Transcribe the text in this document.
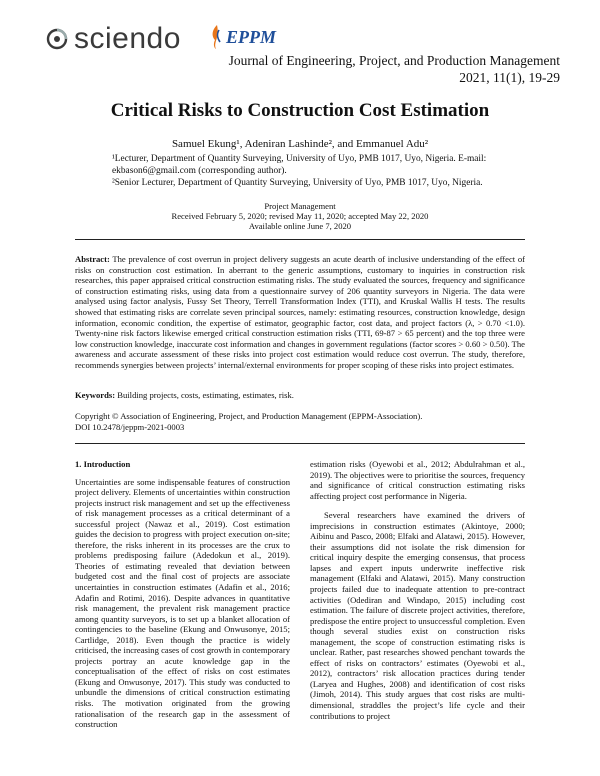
sciendo	EPPM
Journal of Engineering, Project, and Production Management
2021, 11(1), 19-29
Critical Risks to Construction Cost Estimation
Samuel Ekung¹, Adeniran Lashinde², and Emmanuel Adu²
¹Lecturer, Department of Quantity Surveying, University of Uyo, PMB 1017, Uyo, Nigeria. E-mail: ekbason6@gmail.com (corresponding author).
²Senior Lecturer, Department of Quantity Surveying, University of Uyo, PMB 1017, Uyo, Nigeria.
Project Management
Received February 5, 2020; revised May 11, 2020; accepted May 22, 2020
Available online June 7, 2020
Abstract: The prevalence of cost overrun in project delivery suggests an acute dearth of inclusive understanding of the effect of risks on construction cost estimation. In aberrant to the generic assumptions, customary to inquiries in construction risk researches, this paper appraised critical construction estimating risks. The study evaluated the sources, frequency and significance of construction estimating risks, using data from a questionnaire survey of 206 quantity surveyors in Nigeria. The data were analysed using factor analysis, Fussy Set Theory, Terrell Transformation Index (TTI), and Kruskal Wallis H tests. The results showed that estimating risks are correlate seven principal sources, namely: estimating resources, construction knowledge, design information, economic condition, the expertise of estimator, geographic factor, cost data, and project factors (λ, > 0.70 <1.0). Twenty-nine risk factors likewise emerged critical construction estimation risks (TTI, 69-87 > 65 percent) and the top three were low construction knowledge, inaccurate cost information and changes in government regulations (factor scores > 0.60 > 0.50). The awareness and accurate assessment of these risks into project cost estimation would reduce cost overrun. The study, therefore, recommends synergies between projects’ internal/external environments for proper scoping of these risks into project estimates.
Keywords: Building projects, costs, estimating, estimates, risk.
Copyright © Association of Engineering, Project, and Production Management (EPPM-Association).
DOI 10.2478/jeppm-2021-0003

1. Introduction

Uncertainties are some indispensable features of construction project delivery. Elements of uncertainties within construction projects instruct risk management and set up the effectiveness of risk management processes as a critical determinant of a successful project (Nawaz et al., 2019). Cost estimation guides the decision to progress with project execution on-site; therefore, the risks inherent in its processes are the crux to problems predisposing failure (Adedokun et al., 2019). Theories of estimating revealed that deviation between budgeted cost and the final cost of projects are associate uncertainties in construction estimates (Adafin et al., 2016; Adafin and Rotimi, 2016). Despite advances in quantitative risk management, the prevalent risk management practice among quantity surveyors, is to set up a blanket allocation of contingencies to the baseline (Ekung and Onwusonye, 2015; Cartlidge, 2018). Even though the practice is widely criticised, the increasing cases of cost growth in contemporary projects portray an acute knowledge gap in the conceptualisation of the effect of risks on cost estimates (Ekung and Onwusonye, 2017). This study was conducted to unbundle the dimensions of critical construction estimating risks. The motivation originated from the growing rationalisation of the research gap in the assessment of construction

estimation risks (Oyewobi et al., 2012; Abdulrahman et al., 2019). The objectives were to prioritise the sources, frequency and significance of critical construction estimating risks affecting project cost performance in Nigeria.

Several researchers have examined the drivers of imprecisions in construction estimates (Akintoye, 2000; Aibinu and Pasco, 2008; Elfaki and Alatawi, 2015). However, their assumptions did not isolate the risk dimension for critical inquiry despite the emerging consensus, that process lapses and expert inputs underwrite ineffective risk management (Elfaki and Alatawi, 2015). Many construction projects failed due to inadequate attention to pre-contract activities (Odediran and Windapo, 2015) including cost estimation. The failure of discrete project activities, therefore, predispose the entire project to unsuccessful completion. Even though several studies exist on construction risks management, the scope of construction estimating risks is unclear. Rather, past researches showed penchant towards the effect of risks on contractors’ estimates (Oyewobi et al., 2012), contractors’ risk allocation practices during tender (Laryea and Hughes, 2008) and identification of cost risks (Jimoh, 2014). This study argues that cost risks are multi-dimensional, straddles the project’s life cycle and their contributions to project
